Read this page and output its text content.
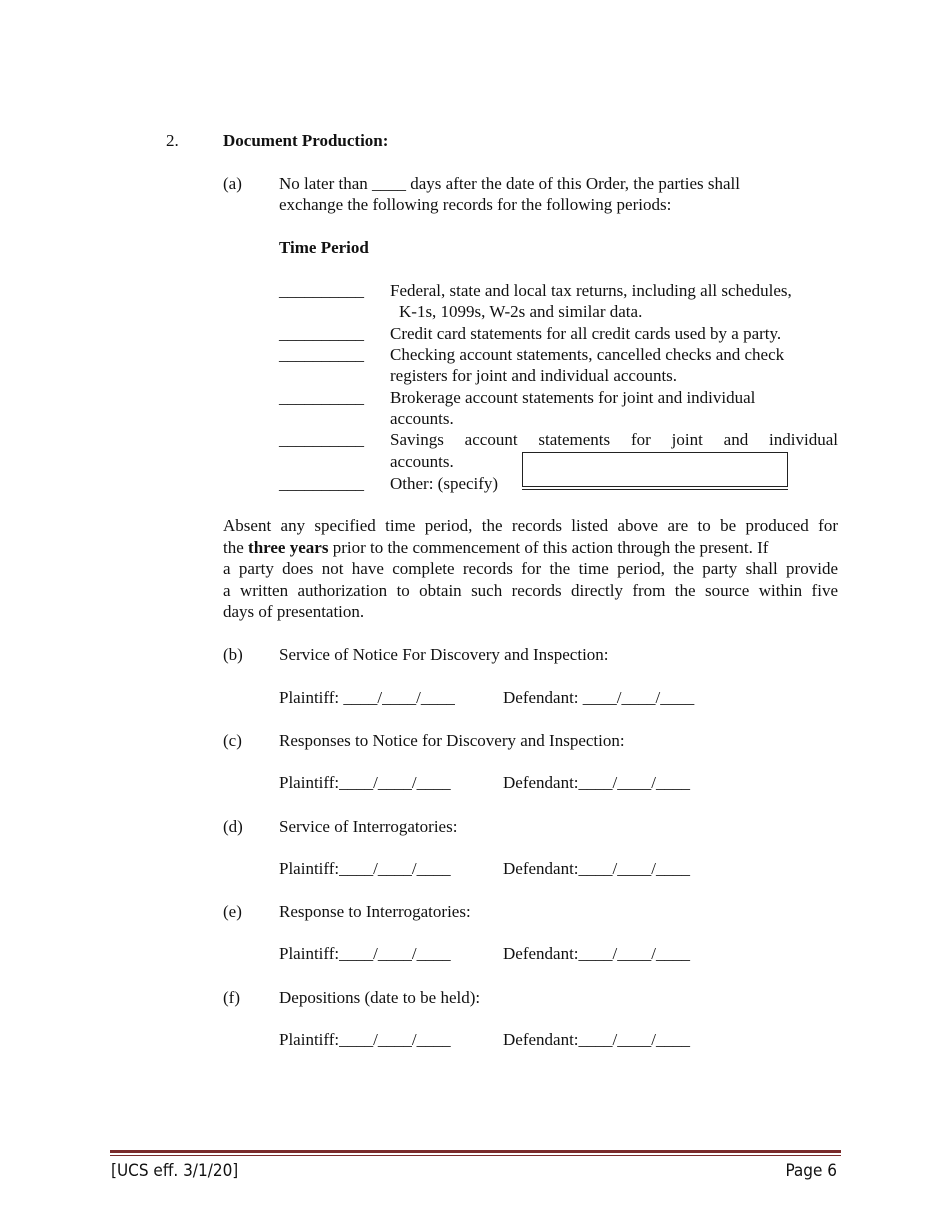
2.	Document Production:
(a) No later than ____ days after the date of this Order, the parties shall
exchange the following records for the following periods:
Time Period
__________ Federal, state and local tax returns, including all schedules,
K-1s, 1099s, W-2s and similar data.
__________ Credit card statements for all credit cards used by a party.
__________ Checking account statements, cancelled checks and check
registers for joint and individual accounts.
__________ Brokerage account statements for joint and individual
accounts.
__________ Savings account statements for joint and individual
accounts.
__________ Other: (specify)
Absent any specified time period, the records listed above are to be produced for
the three years prior to the commencement of this action through the present. If
a party does not have complete records for the time period, the party shall provide
a written authorization to obtain such records directly from the source within five
days of presentation.
(b) Service of Notice For Discovery and Inspection:
Plaintiff: ____/____/____	Defendant: ____/____/____
(c) Responses to Notice for Discovery and Inspection:
Plaintiff:____/____/____	Defendant:____/____/____
(d) Service of Interrogatories:
Plaintiff:____/____/____	Defendant:____/____/____
(e) Response to Interrogatories:
Plaintiff:____/____/____	Defendant:____/____/____
(f) Depositions (date to be held):
Plaintiff:____/____/____	Defendant:____/____/____
[UCS eff. 3/1/20]	Page 6
